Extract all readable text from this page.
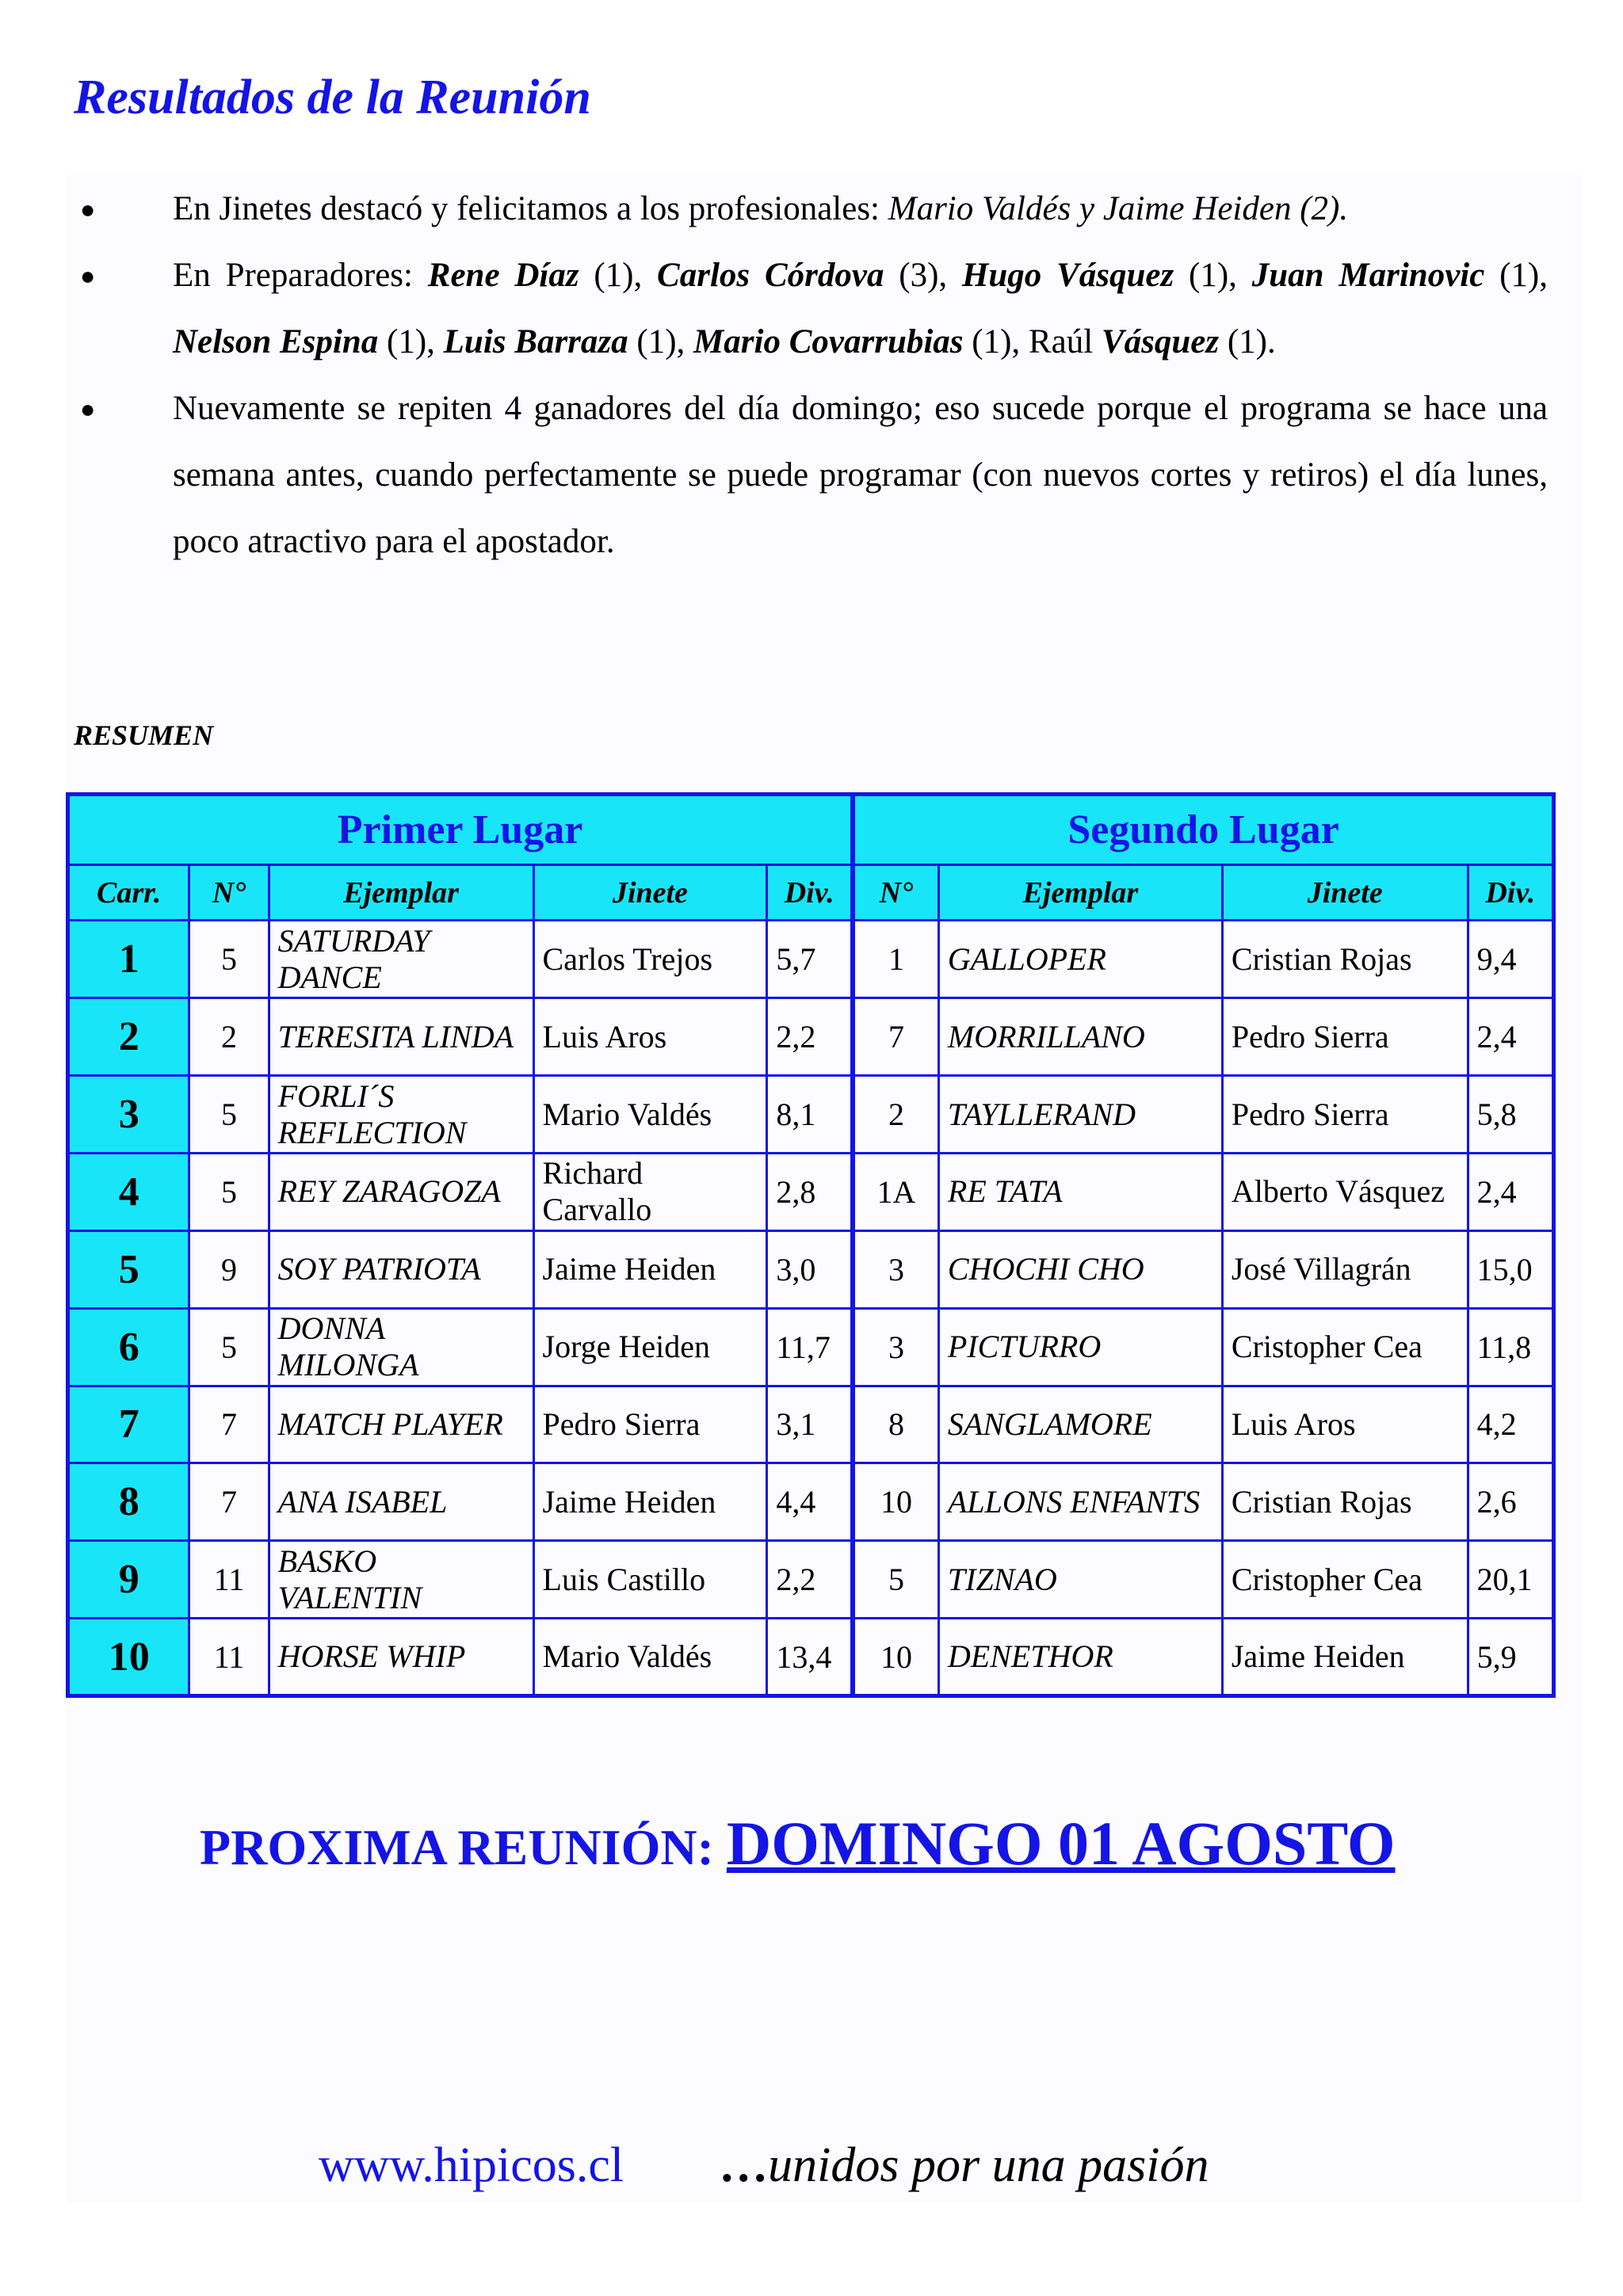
Resultados de la Reunión
● En Jinetes destacó y felicitamos a los profesionales: Mario Valdés y Jaime Heiden (2).
● En Preparadores: Rene Díaz (1), Carlos Córdova (3), Hugo Vásquez (1), Juan Marinovic (1), Nelson Espina (1), Luis Barraza (1), Mario Covarrubias (1), Raúl Vásquez (1).
● Nuevamente se repiten 4 ganadores del día domingo; eso sucede porque el programa se hace una semana antes, cuando perfectamente se puede programar (con nuevos cortes y retiros) el día lunes, poco atractivo para el apostador.
RESUMEN
Primer Lugar					Segundo Lugar			
Carr.	N°	Ejemplar	Jinete	Div.	N°	Ejemplar	Jinete	Div.
1	5	SATURDAY DANCE	Carlos Trejos	5,7	1	GALLOPER	Cristian Rojas	9,4
2	2	TERESITA LINDA	Luis Aros	2,2	7	MORRILLANO	Pedro Sierra	2,4
3	5	FORLI´S REFLECTION	Mario Valdés	8,1	2	TAYLLERAND	Pedro Sierra	5,8
4	5	REY ZARAGOZA	Richard Carvallo	2,8	1A	RE TATA	Alberto Vásquez	2,4
5	9	SOY PATRIOTA	Jaime Heiden	3,0	3	CHOCHI CHO	José Villagrán	15,0
6	5	DONNA MILONGA	Jorge Heiden	11,7	3	PICTURRO	Cristopher Cea	11,8
7	7	MATCH PLAYER	Pedro Sierra	3,1	8	SANGLAMORE	Luis Aros	4,2
8	7	ANA ISABEL	Jaime Heiden	4,4	10	ALLONS ENFANTS	Cristian Rojas	2,6
9	11	BASKO VALENTIN	Luis Castillo	2,2	5	TIZNAO	Cristopher Cea	20,1
10	11	HORSE WHIP	Mario Valdés	13,4	10	DENETHOR	Jaime Heiden	5,9
PROXIMA REUNIÓN: DOMINGO 01 AGOSTO
www.hipicos.cl …unidos por una pasión
